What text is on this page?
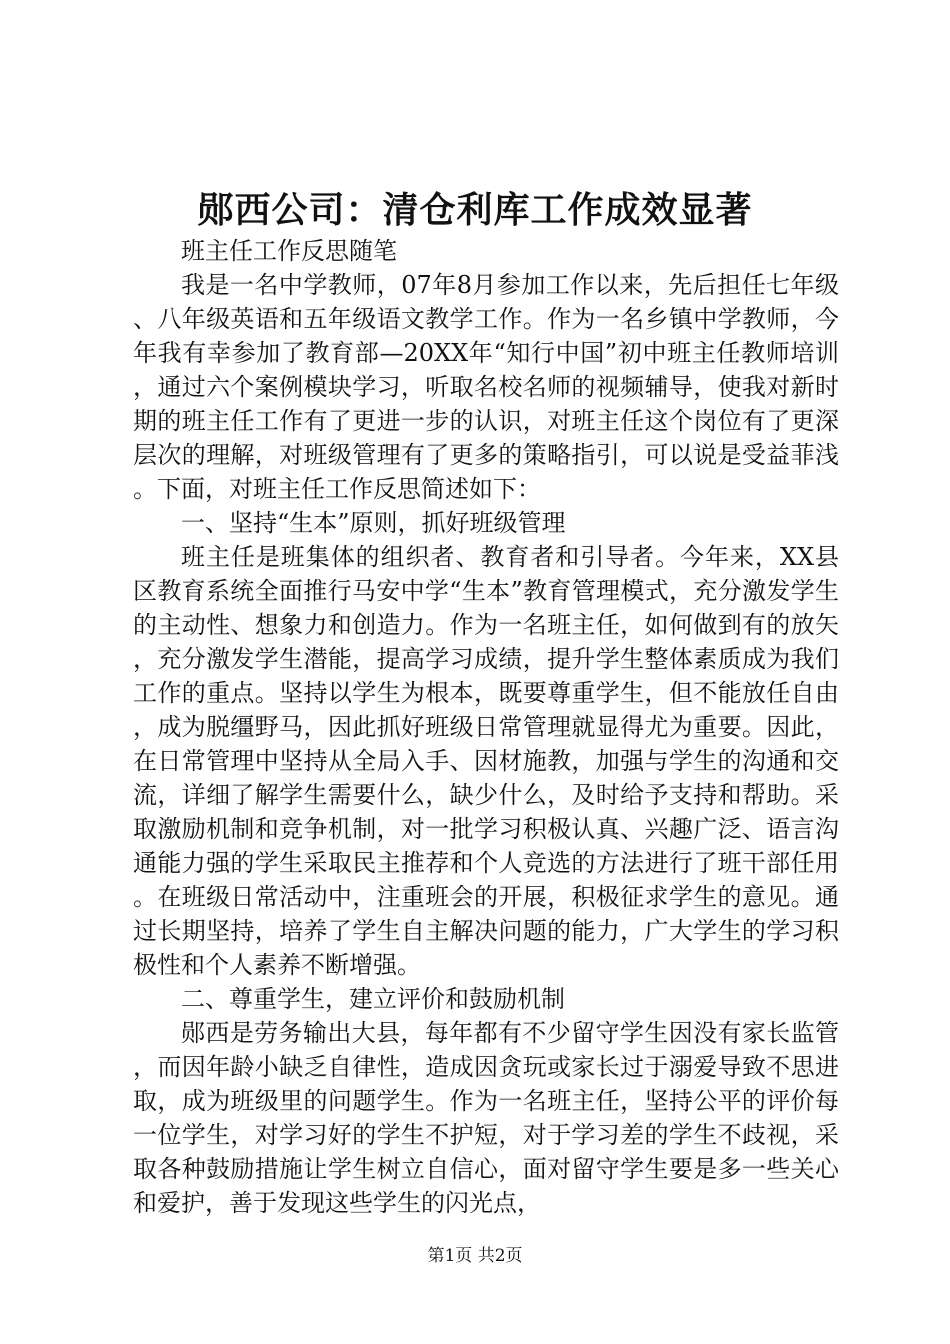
郧西公司：清仓利库工作成效显著

班主任工作反思随笔

我是一名中学教师，07年8月参加工作以来，先后担任七年级、八年级英语和五年级语文教学工作。作为一名乡镇中学教师，今年我有幸参加了教育部—20XX年“知行中国”初中班主任教师培训，通过六个案例模块学习，听取名校名师的视频辅导，使我对新时期的班主任工作有了更进一步的认识，对班主任这个岗位有了更深层次的理解，对班级管理有了更多的策略指引，可以说是受益菲浅。下面，对班主任工作反思简述如下：

一、坚持“生本”原则，抓好班级管理

班主任是班集体的组织者、教育者和引导者。今年来，XX县区教育系统全面推行马安中学“生本”教育管理模式，充分激发学生的主动性、想象力和创造力。作为一名班主任，如何做到有的放矢，充分激发学生潜能，提高学习成绩，提升学生整体素质成为我们工作的重点。坚持以学生为根本，既要尊重学生，但不能放任自由，成为脱缰野马，因此抓好班级日常管理就显得尤为重要。因此，在日常管理中坚持从全局入手、因材施教，加强与学生的沟通和交流，详细了解学生需要什么，缺少什么，及时给予支持和帮助。采取激励机制和竞争机制，对一批学习积极认真、兴趣广泛、语言沟通能力强的学生采取民主推荐和个人竞选的方法进行了班干部任用。在班级日常活动中，注重班会的开展，积极征求学生的意见。通过长期坚持，培养了学生自主解决问题的能力，广大学生的学习积极性和个人素养不断增强。

二、尊重学生，建立评价和鼓励机制

郧西是劳务输出大县，每年都有不少留守学生因没有家长监管，而因年龄小缺乏自律性，造成因贪玩或家长过于溺爱导致不思进取，成为班级里的问题学生。作为一名班主任，坚持公平的评价每一位学生，对学习好的学生不护短，对于学习差的学生不歧视，采取各种鼓励措施让学生树立自信心，面对留守学生要是多一些关心和爱护，善于发现这些学生的闪光点，

第1页 共2页
